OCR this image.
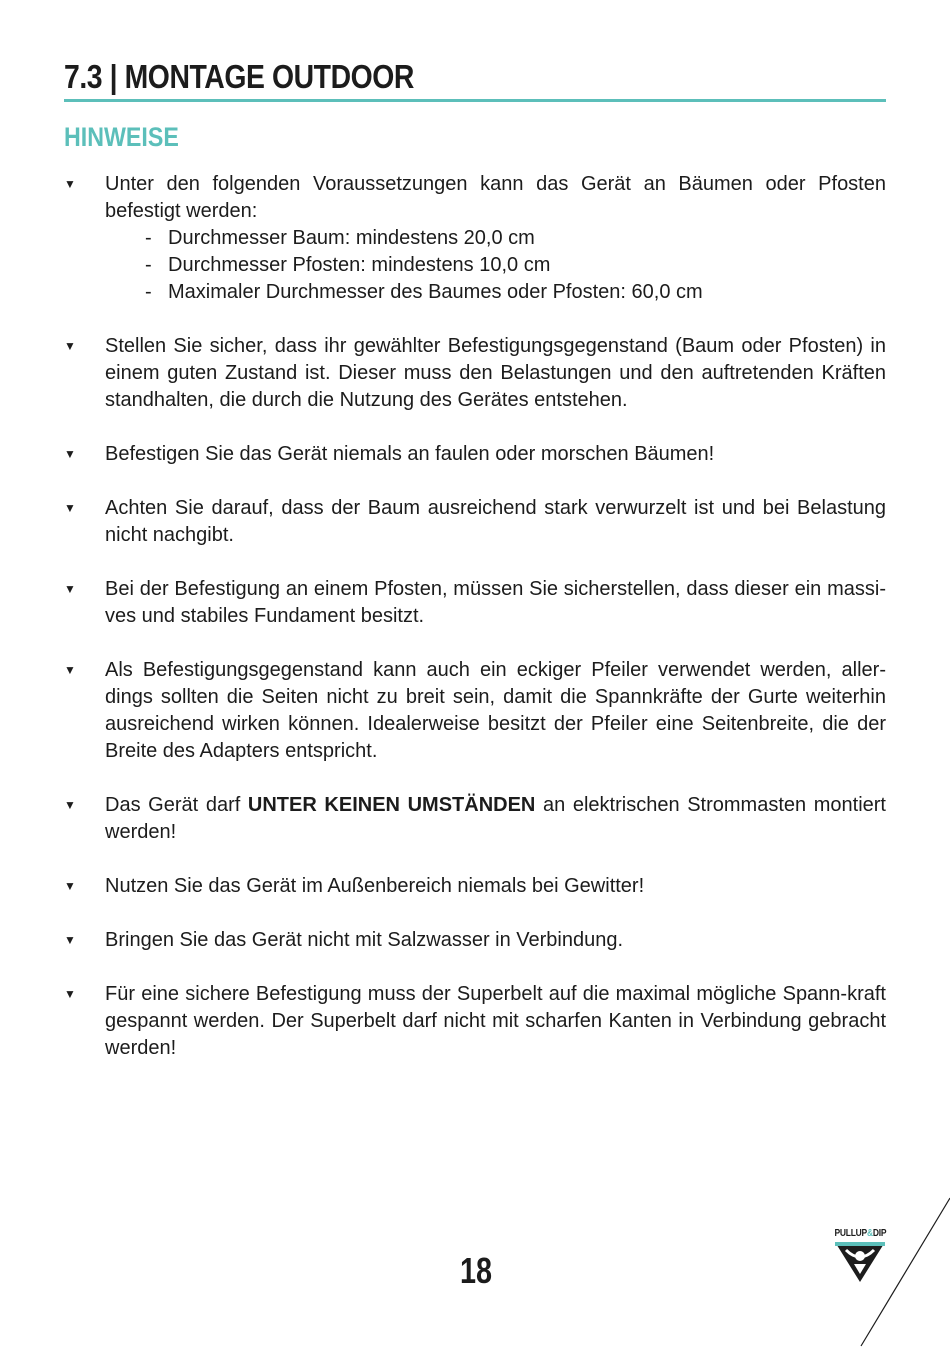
7.3 | MONTAGE OUTDOOR
HINWEISE
▼ Unter den folgenden Voraussetzungen kann das Gerät an Bäumen oder Pfosten befestigt werden:
- Durchmesser Baum: mindestens 20,0 cm
- Durchmesser Pfosten: mindestens 10,0 cm
- Maximaler Durchmesser des Baumes oder Pfosten: 60,0 cm
▼ Stellen Sie sicher, dass ihr gewählter Befestigungsgegenstand (Baum oder Pfosten) in einem guten Zustand ist. Dieser muss den Belastungen und den auftretenden Kräften standhalten, die durch die Nutzung des Gerätes entstehen.
▼ Befestigen Sie das Gerät niemals an faulen oder morschen Bäumen!
▼ Achten Sie darauf, dass der Baum ausreichend stark verwurzelt ist und bei Belastung nicht nachgibt.
▼ Bei der Befestigung an einem Pfosten, müssen Sie sicherstellen, dass dieser ein massi-ves und stabiles Fundament besitzt.
▼ Als Befestigungsgegenstand kann auch ein eckiger Pfeiler verwendet werden, aller-dings sollten die Seiten nicht zu breit sein, damit die Spannkräfte der Gurte weiterhin ausreichend wirken können. Idealerweise besitzt der Pfeiler eine Seitenbreite, die der Breite des Adapters entspricht.
▼ Das Gerät darf UNTER KEINEN UMSTÄNDEN an elektrischen Strommasten montiert werden!
▼ Nutzen Sie das Gerät im Außenbereich niemals bei Gewitter!
▼ Bringen Sie das Gerät nicht mit Salzwasser in Verbindung.
▼ Für eine sichere Befestigung muss der Superbelt auf die maximal mögliche Spann-kraft gespannt werden. Der Superbelt darf nicht mit scharfen Kanten in Verbindung gebracht werden!
18
PULLUP&DIP
